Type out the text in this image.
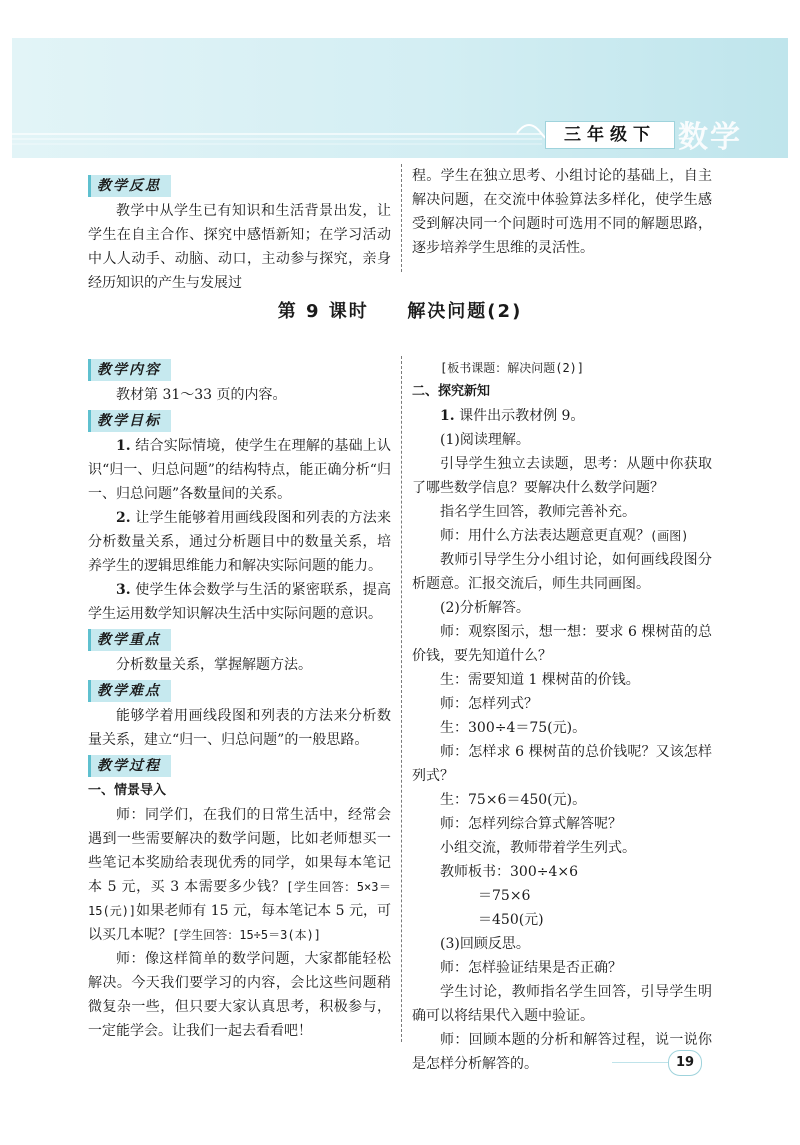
三年级下 数学
教学反思

教学中从学生已有知识和生活背景出发，让学生在自主合作、探究中感悟新知；在学习活动中人人动手、动脑、动口，主动参与探究，亲身经历知识的产生与发展过

程。学生在独立思考、小组讨论的基础上，自主解决问题，在交流中体验算法多样化，使学生感受到解决同一个问题时可选用不同的解题思路，逐步培养学生思维的灵活性。

第 9 课时 解决问题(2)
教学内容

教材第 31～33 页的内容。

教学目标

1. 结合实际情境，使学生在理解的基础上认识“归一、归总问题”的结构特点，能正确分析“归一、归总问题”各数量间的关系。

2. 让学生能够着用画线段图和列表的方法来分析数量关系，通过分析题目中的数量关系，培养学生的逻辑思维能力和解决实际问题的能力。

3. 使学生体会数学与生活的紧密联系，提高学生运用数学知识解决生活中实际问题的意识。

教学重点

分析数量关系，掌握解题方法。

教学难点

能够学着用画线段图和列表的方法来分析数量关系，建立“归一、归总问题”的一般思路。

教学过程

一、情景导入

师：同学们，在我们的日常生活中，经常会遇到一些需要解决的数学问题，比如老师想买一些笔记本奖励给表现优秀的同学，如果每本笔记本 5 元，买 3 本需要多少钱？[学生回答：5×3＝15(元)]如果老师有 15 元，每本笔记本 5 元，可以买几本呢？[学生回答：15÷5＝3(本)]

师：像这样简单的数学问题，大家都能轻松解决。今天我们要学习的内容，会比这些问题稍微复杂一些，但只要大家认真思考，积极参与，一定能学会。让我们一起去看看吧！

[板书课题：解决问题(2)]

二、探究新知

1. 课件出示教材例 9。

(1)阅读理解。

引导学生独立去读题，思考：从题中你获取了哪些数学信息？要解决什么数学问题？

指名学生回答，教师完善补充。

师：用什么方法表达题意更直观？(画图)

教师引导学生分小组讨论，如何画线段图分析题意。汇报交流后，师生共同画图。

(2)分析解答。

师：观察图示，想一想：要求 6 棵树苗的总价钱，要先知道什么？

生：需要知道 1 棵树苗的价钱。

师：怎样列式？

生：300÷4＝75(元)。

师：怎样求 6 棵树苗的总价钱呢？又该怎样列式？

生：75×6＝450(元)。

师：怎样列综合算式解答呢？

小组交流，教师带着学生列式。

教师板书：300÷4×6

＝75×6

＝450(元)

(3)回顾反思。

师：怎样验证结果是否正确？

学生讨论，教师指名学生回答，引导学生明确可以将结果代入题中验证。

师：回顾本题的分析和解答过程，说一说你是怎样分析解答的。	19
